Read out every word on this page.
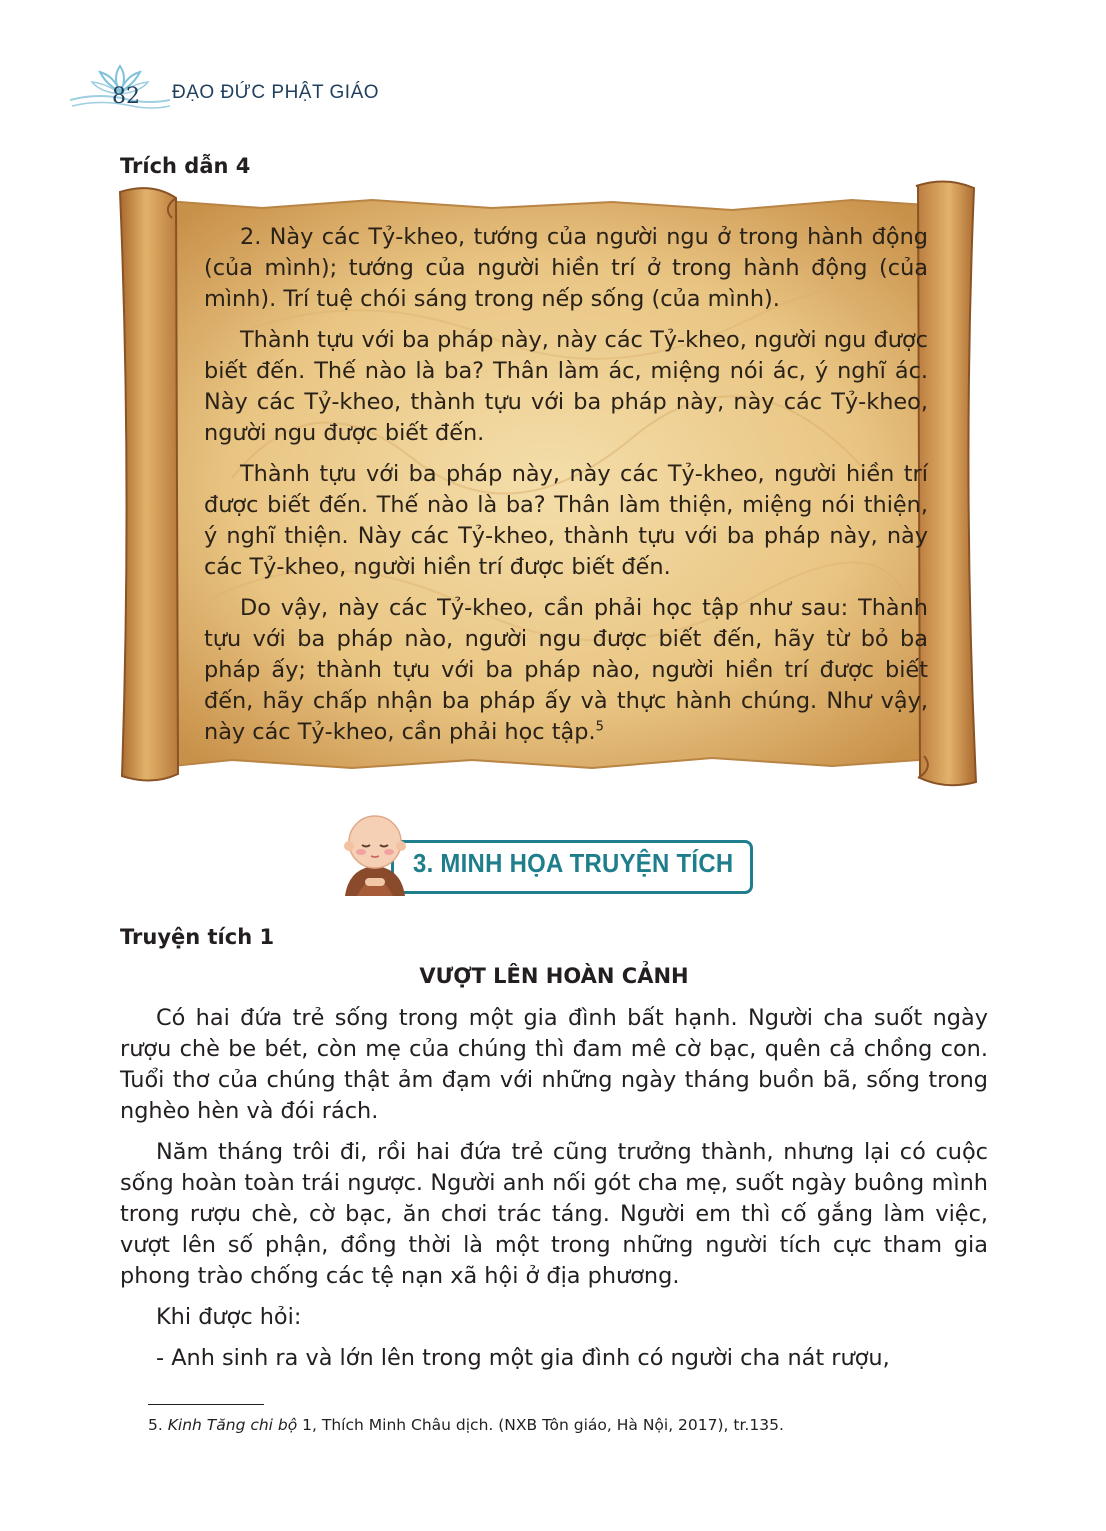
82 ĐẠO ĐỨC PHẬT GIÁO
Trích dẫn 4

2. Này các Tỷ-kheo, tướng của người ngu ở trong hành động (của mình); tướng của người hiền trí ở trong hành động (của mình). Trí tuệ chói sáng trong nếp sống (của mình).

Thành tựu với ba pháp này, này các Tỷ-kheo, người ngu được biết đến. Thế nào là ba? Thân làm ác, miệng nói ác, ý nghĩ ác. Này các Tỷ-kheo, thành tựu với ba pháp này, này các Tỷ-kheo, người ngu được biết đến.

Thành tựu với ba pháp này, này các Tỷ-kheo, người hiền trí được biết đến. Thế nào là ba? Thân làm thiện, miệng nói thiện, ý nghĩ thiện. Này các Tỷ-kheo, thành tựu với ba pháp này, này các Tỷ-kheo, người hiền trí được biết đến.

Do vậy, này các Tỷ-kheo, cần phải học tập như sau: Thành tựu với ba pháp nào, người ngu được biết đến, hãy từ bỏ ba pháp ấy; thành tựu với ba pháp nào, người hiền trí được biết đến, hãy chấp nhận ba pháp ấy và thực hành chúng. Như vậy, này các Tỷ-kheo, cần phải học tập.$^5$

3. MINH HỌA TRUYỆN TÍCH
Truyện tích 1
VƯỢT LÊN HOÀN CẢNH

Có hai đứa trẻ sống trong một gia đình bất hạnh. Người cha suốt ngày rượu chè be bét, còn mẹ của chúng thì đam mê cờ bạc, quên cả chồng con. Tuổi thơ của chúng thật ảm đạm với những ngày tháng buồn bã, sống trong nghèo hèn và đói rách.

Năm tháng trôi đi, rồi hai đứa trẻ cũng trưởng thành, nhưng lại có cuộc sống hoàn toàn trái ngược. Người anh nối gót cha mẹ, suốt ngày buông mình trong rượu chè, cờ bạc, ăn chơi trác táng. Người em thì cố gắng làm việc, vượt lên số phận, đồng thời là một trong những người tích cực tham gia phong trào chống các tệ nạn xã hội ở địa phương.

Khi được hỏi:

- Anh sinh ra và lớn lên trong một gia đình có người cha nát rượu,

5. Kinh Tăng chi bộ 1, Thích Minh Châu dịch. (NXB Tôn giáo, Hà Nội, 2017), tr.135.
